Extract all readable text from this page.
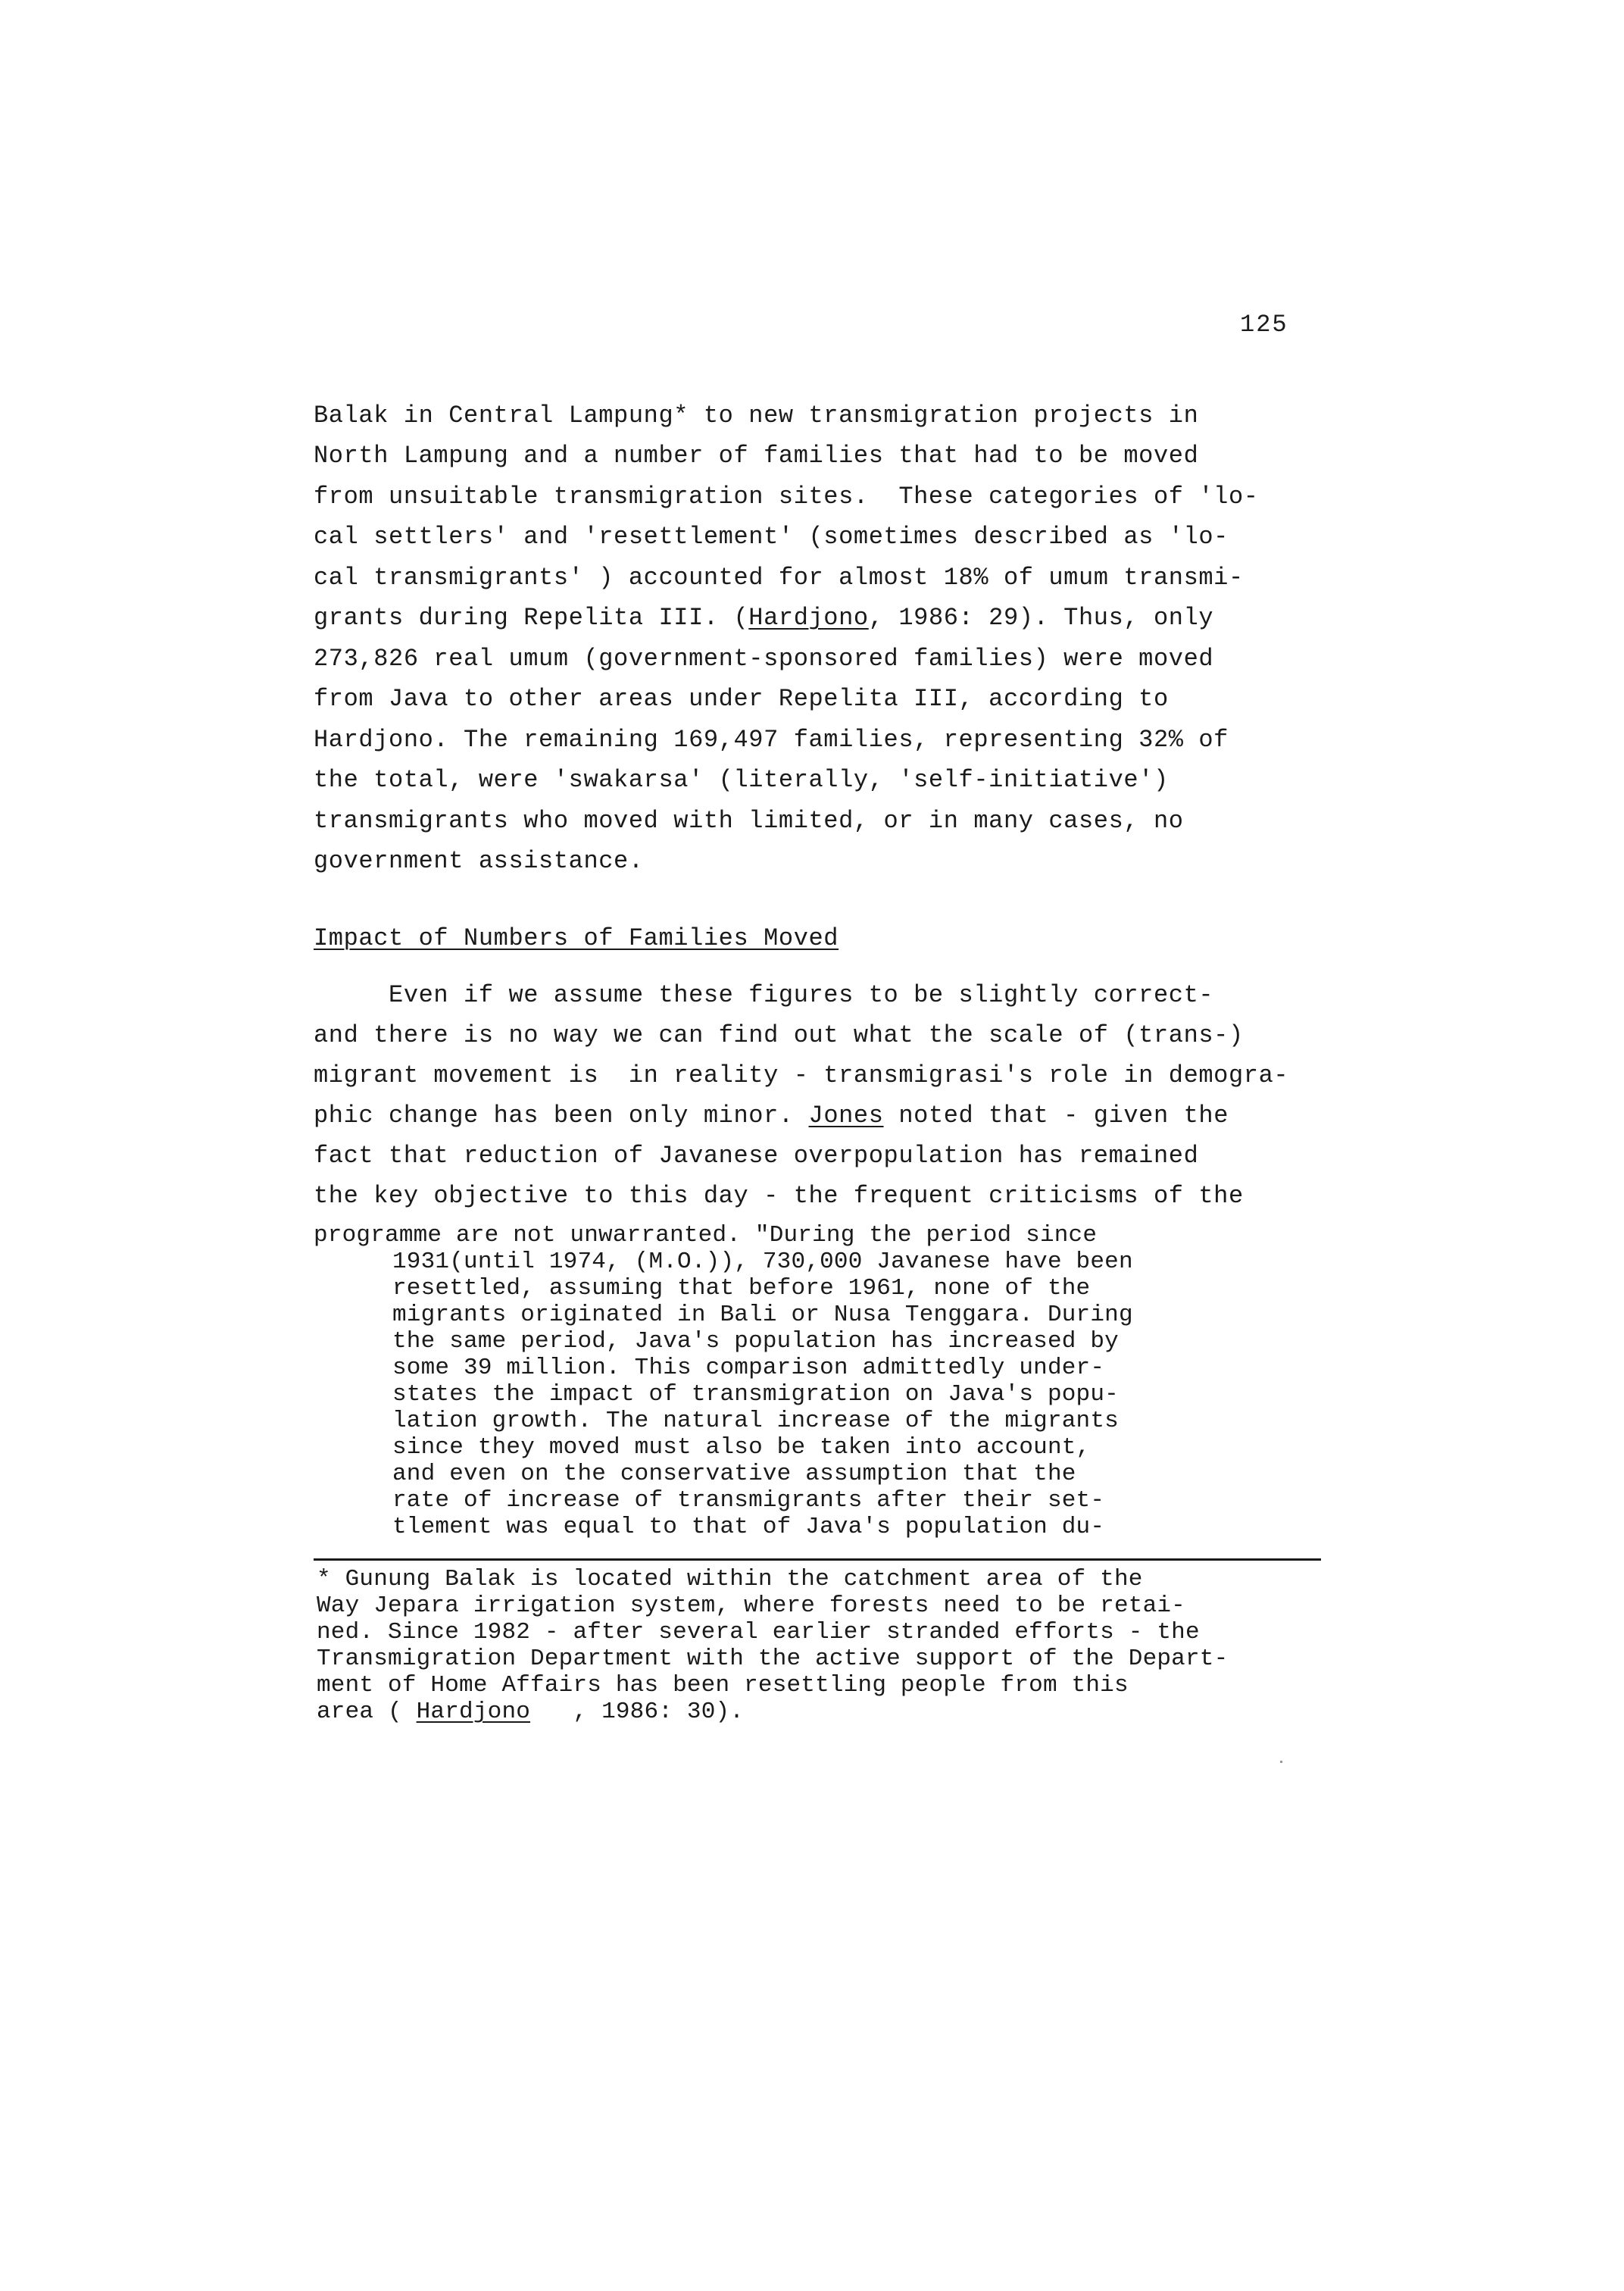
125
Balak in Central Lampung* to new transmigration projects in
North Lampung and a number of families that had to be moved
from unsuitable transmigration sites.  These categories of 'lo-
cal settlers' and 'resettlement' (sometimes described as 'lo-
cal transmigrants' ) accounted for almost 18% of umum transmi-
grants during Repelita III. (Hardjono, 1986: 29). Thus, only
273,826 real umum (government-sponsored families) were moved
from Java to other areas under Repelita III, according to
Hardjono. The remaining 169,497 families, representing 32% of
the total, were 'swakarsa' (literally, 'self-initiative')
transmigrants who moved with limited, or in many cases, no
government assistance.
Impact of Numbers of Families Moved
Even if we assume these figures to be slightly correct-
and there is no way we can find out what the scale of (trans-)
migrant movement is  in reality - transmigrasi's role in demogra-
phic change has been only minor. Jones noted that - given the
fact that reduction of Javanese overpopulation has remained
the key objective to this day - the frequent criticisms of the
programme are not unwarranted. "During the period since
1931(until 1974, (M.O.)), 730,000 Javanese have been
resettled, assuming that before 1961, none of the
migrants originated in Bali or Nusa Tenggara. During
the same period, Java's population has increased by
some 39 million. This comparison admittedly under-
states the impact of transmigration on Java's popu-
lation growth. The natural increase of the migrants
since they moved must also be taken into account,
and even on the conservative assumption that the
rate of increase of transmigrants after their set-
tlement was equal to that of Java's population du-
* Gunung Balak is located within the catchment area of the
Way Jepara irrigation system, where forests need to be retai-
ned. Since 1982 - after several earlier stranded efforts - the
Transmigration Department with the active support of the Depart-
ment of Home Affairs has been resettling people from this
area ( Hardjono   , 1986: 30).
